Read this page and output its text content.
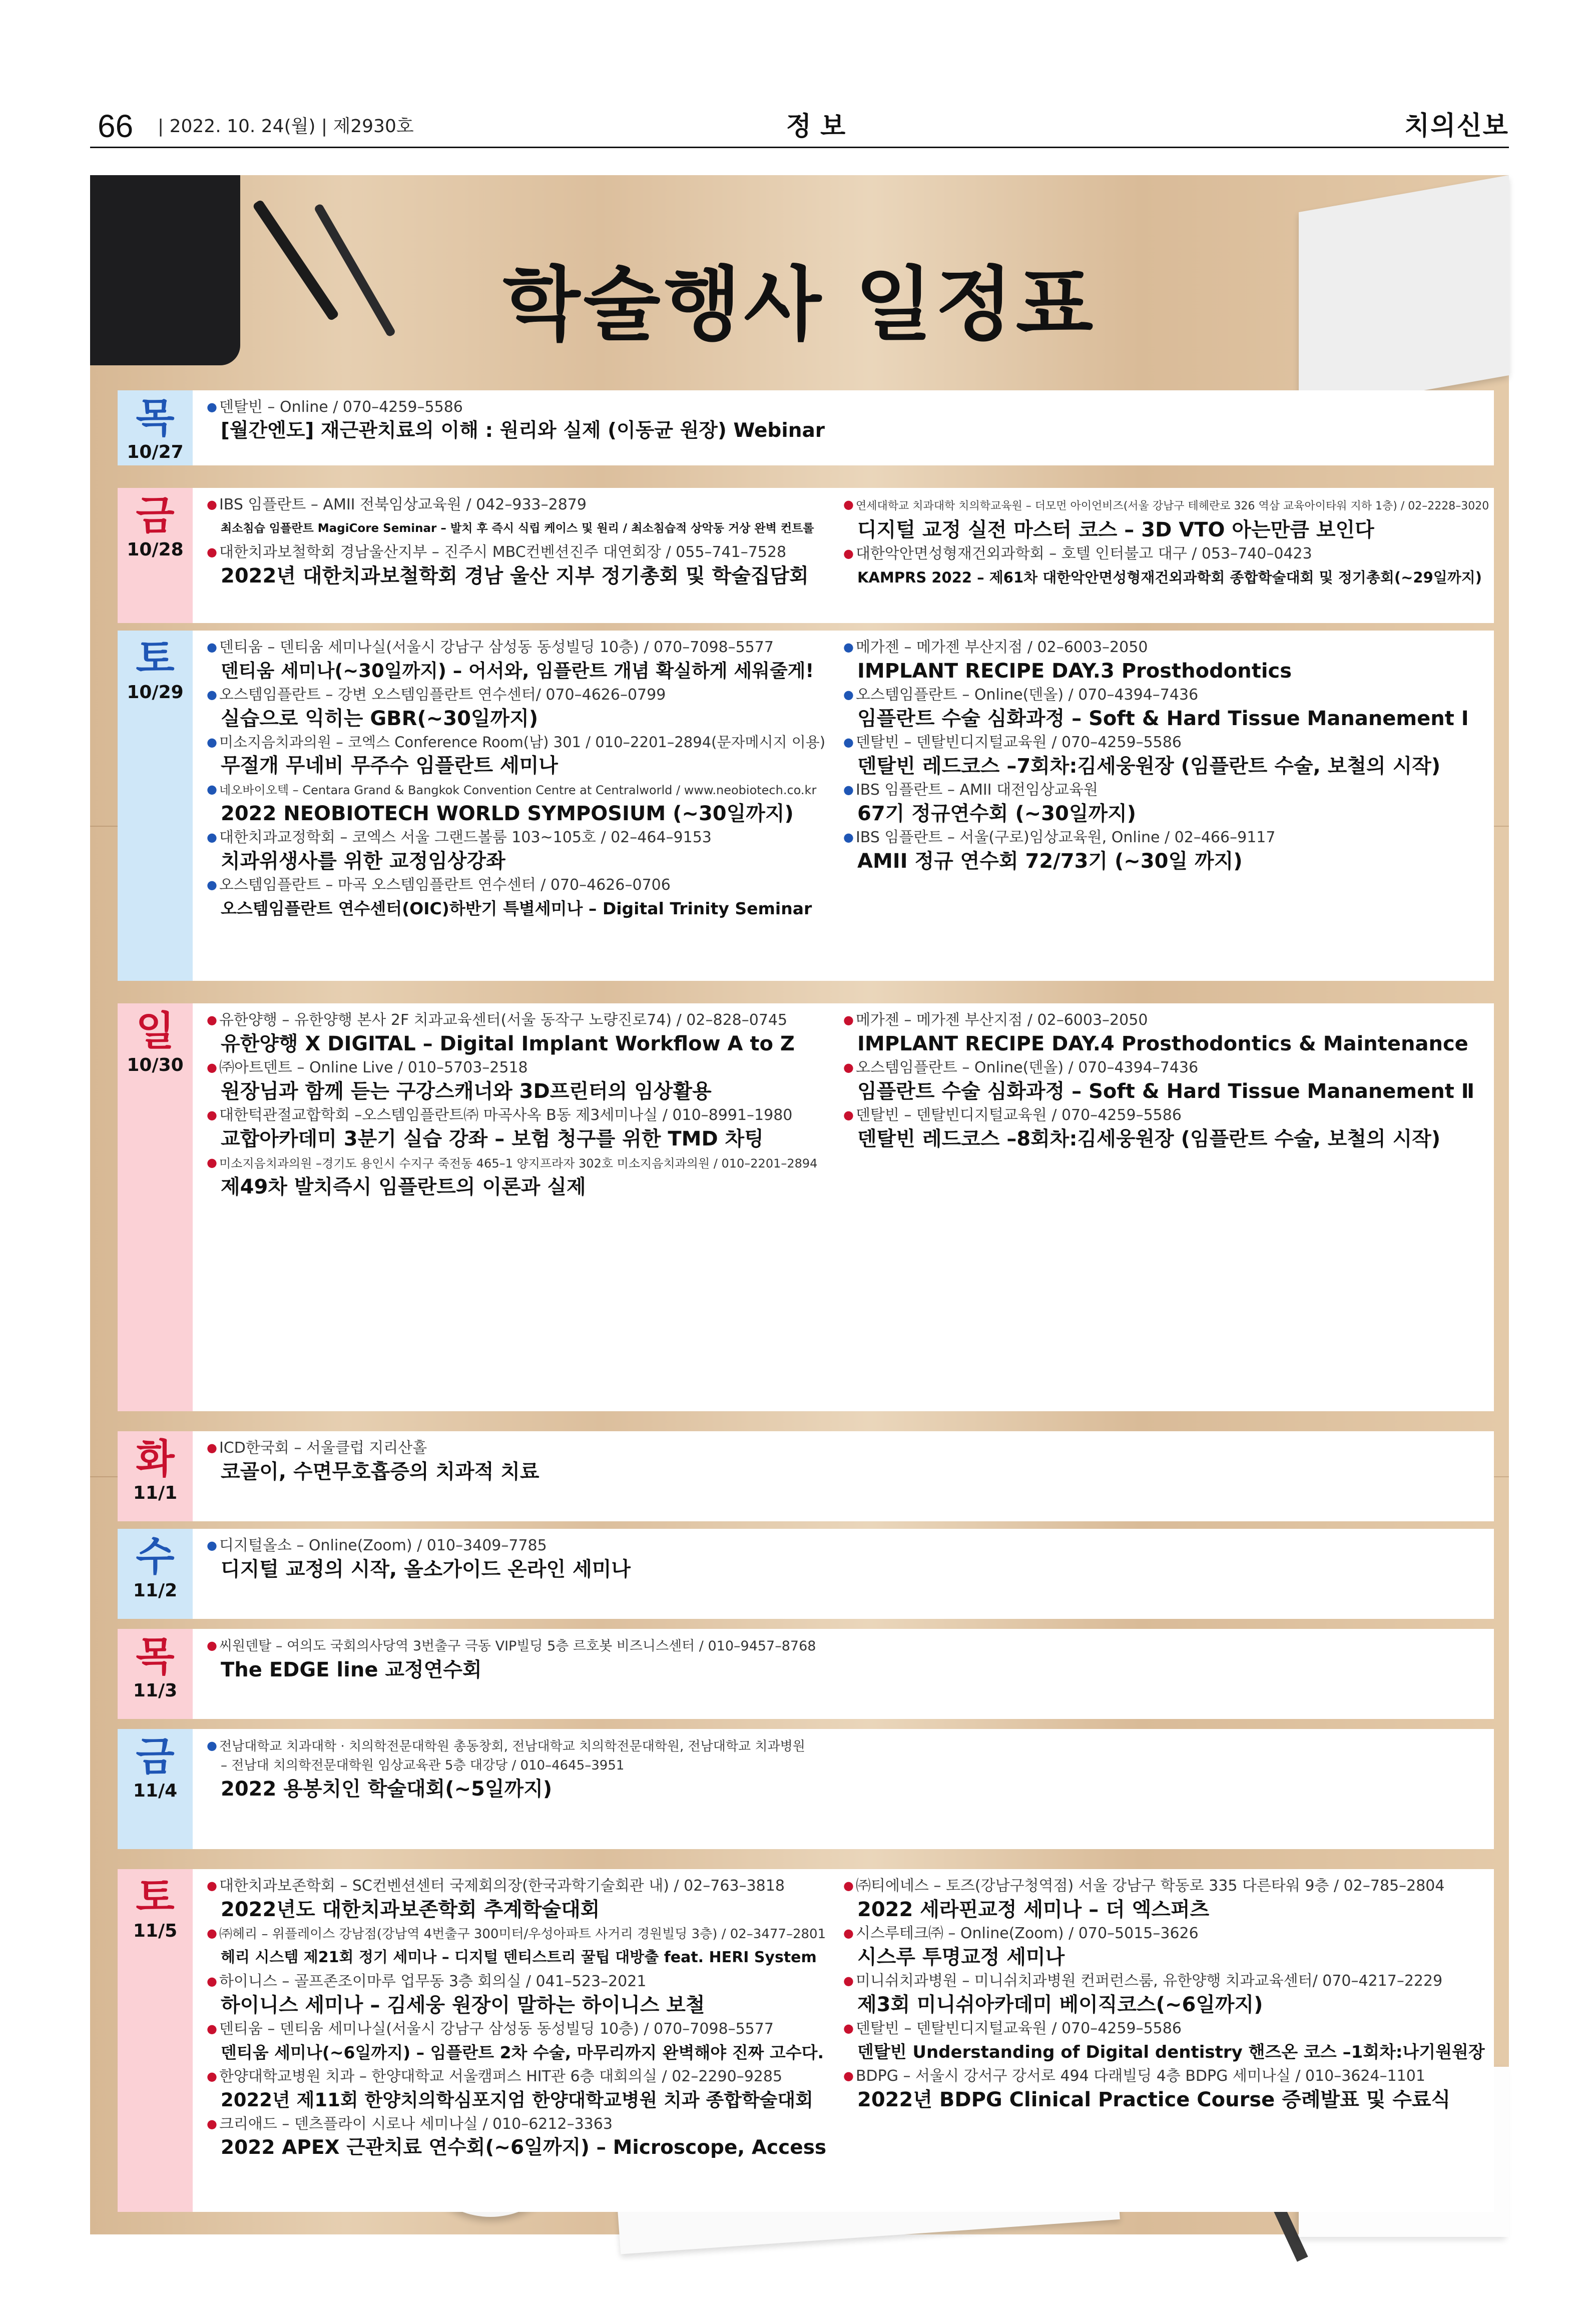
66 | 2022. 10. 24(월) | 제2930호	정 보	치의신보
학술행사 일정표
목
10/27
● 덴탈빈 – Online / 070–4259–5586
[월간엔도] 재근관치료의 이해 : 원리와 실제 (이동균 원장) Webinar
금
10/28
● IBS 임플란트 – AMII 전북임상교육원 / 042–933–2879
최소침습 임플란트 MagiCore Seminar – 발치 후 즉시 식립 케이스 및 원리 / 최소침습적 상악동 거상 완벽 컨트롤
● 대한치과보철학회 경남울산지부 – 진주시 MBC컨벤션진주 대연회장 / 055–741–7528
2022년 대한치과보철학회 경남 울산 지부 정기총회 및 학술집담회
● 연세대학교 치과대학 치의학교육원 – 더모먼 아이언비즈(서울 강남구 테헤란로 326 역삼 교육아이타워 지하 1층) / 02–2228–3020
디지털 교정 실전 마스터 코스 – 3D VTO 아는만큼 보인다
● 대한악안면성형재건외과학회 – 호텔 인터불고 대구 / 053–740–0423
KAMPRS 2022 – 제61차 대한악안면성형재건외과학회 종합학술대회 및 정기총회(~29일까지)
토
10/29
● 덴티움 – 덴티움 세미나실(서울시 강남구 삼성동 동성빌딩 10층) / 070–7098–5577
덴티움 세미나(~30일까지) – 어서와, 임플란트 개념 확실하게 세워줄게!
● 오스템임플란트 – 강변 오스템임플란트 연수센터/ 070–4626–0799
실습으로 익히는 GBR(~30일까지)
● 미소지음치과의원 – 코엑스 Conference Room(남) 301 / 010–2201–2894(문자메시지 이용)
무절개 무네비 무주수 임플란트 세미나
● 네오바이오텍 – Centara Grand & Bangkok Convention Centre at Centralworld / www.neobiotech.co.kr
2022 NEOBIOTECH WORLD SYMPOSIUM (~30일까지)
● 대한치과교정학회 – 코엑스 서울 그랜드볼룸 103~105호 / 02–464–9153
치과위생사를 위한 교정임상강좌
● 오스템임플란트 – 마곡 오스템임플란트 연수센터 / 070–4626–0706
오스템임플란트 연수센터(OIC)하반기 특별세미나 – Digital Trinity Seminar
● 메가젠 – 메가젠 부산지점 / 02–6003–2050
IMPLANT RECIPE DAY.3 Prosthodontics
● 오스템임플란트 – Online(덴올) / 070–4394–7436
임플란트 수술 심화과정 – Soft & Hard Tissue Mananement Ⅰ
● 덴탈빈 – 덴탈빈디지털교육원 / 070–4259–5586
덴탈빈 레드코스 –7회차:김세웅원장 (임플란트 수술, 보철의 시작)
● IBS 임플란트 – AMII 대전임상교육원
67기 정규연수회 (~30일까지)
● IBS 임플란트 – 서울(구로)임상교육원, Online / 02–466–9117
AMII 정규 연수회 72/73기 (~30일 까지)
일
10/30
● 유한양행 – 유한양행 본사 2F 치과교육센터(서울 동작구 노량진로74) / 02–828–0745
유한양행 X DIGITAL – Digital Implant Workflow A to Z
● ㈜아트덴트 – Online Live / 010–5703–2518
원장님과 함께 듣는 구강스캐너와 3D프린터의 임상활용
● 대한턱관절교합학회 –오스템임플란트㈜ 마곡사옥 B동 제3세미나실 / 010–8991–1980
교합아카데미 3분기 실습 강좌 – 보험 청구를 위한 TMD 차팅
● 미소지음치과의원 –경기도 용인시 수지구 죽전동 465–1 양지프라자 302호 미소지음치과의원 / 010–2201–2894
제49차 발치즉시 임플란트의 이론과 실제
● 메가젠 – 메가젠 부산지점 / 02–6003–2050
IMPLANT RECIPE DAY.4 Prosthodontics & Maintenance
● 오스템임플란트 – Online(덴올) / 070–4394–7436
임플란트 수술 심화과정 – Soft & Hard Tissue Mananement Ⅱ
● 덴탈빈 – 덴탈빈디지털교육원 / 070–4259–5586
덴탈빈 레드코스 –8회차:김세웅원장 (임플란트 수술, 보철의 시작)
화
11/1
● ICD한국회 – 서울클럽 지리산홀
코골이, 수면무호흡증의 치과적 치료
수
11/2
● 디지털올소 – Online(Zoom) / 010–3409–7785
디지털 교정의 시작, 올소가이드 온라인 세미나
목
11/3
● 씨원덴탈 – 여의도 국회의사당역 3번출구 극동 VIP빌딩 5층 르호봇 비즈니스센터 / 010–9457–8768
The EDGE line 교정연수회
금
11/4
● 전남대학교 치과대학 · 치의학전문대학원 총동창회, 전남대학교 치의학전문대학원, 전남대학교 치과병원
– 전남대 치의학전문대학원 임상교육관 5층 대강당 / 010–4645–3951
2022 용봉치인 학술대회(~5일까지)
토
11/5
● 대한치과보존학회 – SC컨벤션센터 국제회의장(한국과학기술회관 내) / 02–763–3818
2022년도 대한치과보존학회 추계학술대회
● ㈜헤리 – 위플레이스 강남점(강남역 4번출구 300미터/우성아파트 사거리 경원빌딩 3층) / 02–3477–2801
헤리 시스템 제21회 정기 세미나 – 디지털 덴티스트리 꿀팁 대방출 feat. HERI System
● 하이니스 – 골프존조이마루 업무동 3층 회의실 / 041–523–2021
하이니스 세미나 – 김세웅 원장이 말하는 하이니스 보철
● 덴티움 – 덴티움 세미나실(서울시 강남구 삼성동 동성빌딩 10층) / 070–7098–5577
덴티움 세미나(~6일까지) – 임플란트 2차 수술, 마무리까지 완벽해야 진짜 고수다.
● 한양대학교병원 치과 – 한양대학교 서울캠퍼스 HIT관 6층 대회의실 / 02–2290–9285
2022년 제11회 한양치의학심포지엄 한양대학교병원 치과 종합학술대회
● 크리애드 – 덴츠플라이 시로나 세미나실 / 010–6212–3363
2022 APEX 근관치료 연수회(~6일까지) – Microscope, Access
● ㈜티에네스 – 토즈(강남구청역점) 서울 강남구 학동로 335 다른타워 9층 / 02–785–2804
2022 세라핀교정 세미나 – 더 엑스퍼츠
● 시스루테크㈜ – Online(Zoom) / 070–5015–3626
시스루 투명교정 세미나
● 미니쉬치과병원 – 미니쉬치과병원 컨퍼런스룸, 유한양행 치과교육센터/ 070–4217–2229
제3회 미니쉬아카데미 베이직코스(~6일까지)
● 덴탈빈 – 덴탈빈디지털교육원 / 070–4259–5586
덴탈빈 Understanding of Digital dentistry 핸즈온 코스 –1회차:나기원원장
● BDPG – 서울시 강서구 강서로 494 다래빌딩 4층 BDPG 세미나실 / 010–3624–1101
2022년 BDPG Clinical Practice Course 증례발표 및 수료식
